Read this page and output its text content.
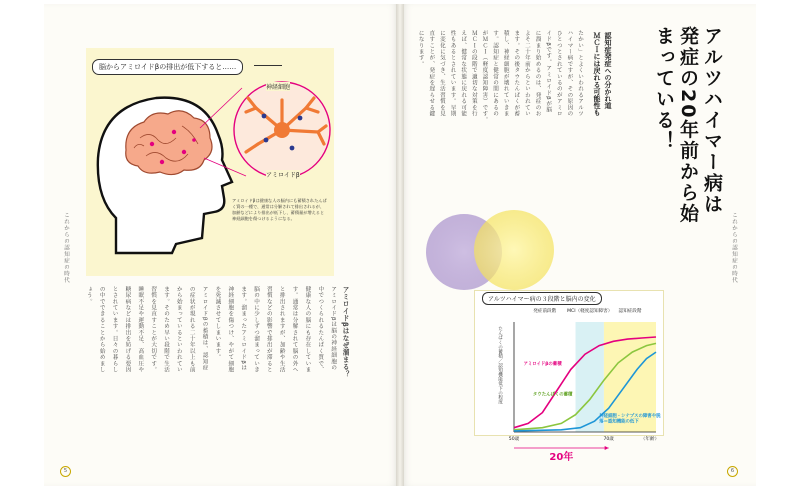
脳からアミロイドβの排出が低下すると……
神経細胞
アミロイドβ
アミロイドβは健康な人の脳内にも蓄積されたんぱく質の一種で、通常は分解されて排出されるが、加齢などにより排出が低下し、蓄積量が増えると神経細胞を傷つけるようになる。
これからの認知症の時代
アミロイドβはなぜ溜まる？
アミロイドβは脳の神経細胞の
中でつくられるたんぱく質で、
健康な人の脳にも存在していま
す。通常は分解されて脳の外へ
と排出されますが、加齢や生活
習慣などの影響で排出が滞ると
脳の中に少しずつ溜まっていき
ます。溜まったアミロイドβは
神経細胞を傷つけ、やがて細胞
を死滅させてしまいます。
アミロイドβの蓄積は、認知症
の症状が現れる二十年以上も前
から始まっているといわれてい
ます。そのため早い段階で生活
習慣を見直すことが大切です。
睡眠不足や運動不足、高血圧や
糖尿病などは排出を妨げる要因
とされています。日々の暮らし
の中でできることから始めまし
ょう。
5
アルツハイマー病は
発症の20年前から始
まっている！
認知症発症への分かれ道
ＭＣＩには戻れる可能性も
たかい」とよくいわれるアルツ
ハイマー病ですが、その原因の
ひとつとされているのがアミロ
イドβです。アミロイドβが脳
に溜まり始めるのは、発症のお
よそ二十年前からといわれてい
ます。その後タウたんぱくが蓄
積し、神経細胞が壊れていきま
す。認知症と健常の間にあるの
がＭＣＩ（軽度認知障害）です。
ＭＣＩの段階で適切な対策を行
えば、健常な状態に戻れる可能
性もあるとされています。早期
に変化に気づき、生活習慣を見
直すことが、発症を遅らせる鍵
になります。
これからの認知症の時代
発症前段階 MCI（軽度認知障害） 認知症段階
たんぱくの蓄積／認知機能低下の程度	アミロイドβの蓄積
タウたんぱくの蓄積
神経細胞・シナプスの障害や脱
落＝認知機能の低下
50歳	70歳	（年齢）
20年
アルツハイマー病の３段階と脳内の変化
6
